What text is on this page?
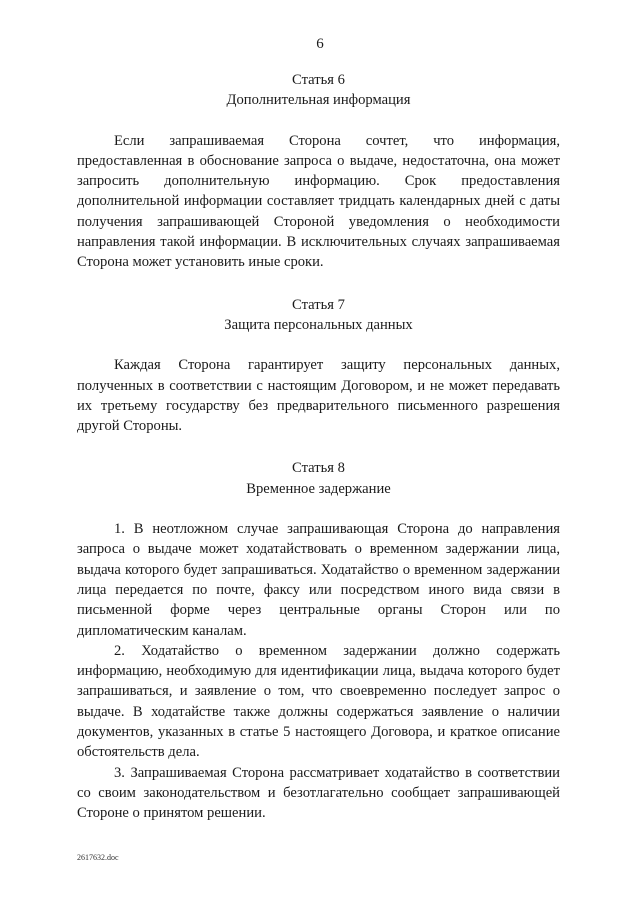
6
Статья 6
Дополнительная информация

Если запрашиваемая Сторона сочтет, что информация, предоставленная в обоснование запроса о выдаче, недостаточна, она может запросить дополнительную информацию. Срок предоставления дополнительной информации составляет тридцать календарных дней с даты получения запрашивающей Стороной уведомления о необходимости направления такой информации. В исключительных случаях запрашиваемая Сторона может установить иные сроки.

Статья 7
Защита персональных данных

Каждая Сторона гарантирует защиту персональных данных, полученных в соответствии с настоящим Договором, и не может передавать их третьему государству без предварительного письменного разрешения другой Стороны.

Статья 8
Временное задержание

1. В неотложном случае запрашивающая Сторона до направления запроса о выдаче может ходатайствовать о временном задержании лица, выдача которого будет запрашиваться. Ходатайство о временном задержании лица передается по почте, факсу или посредством иного вида связи в письменной форме через центральные органы Сторон или по дипломатическим каналам.

2. Ходатайство о временном задержании должно содержать информацию, необходимую для идентификации лица, выдача которого будет запрашиваться, и заявление о том, что своевременно последует запрос о выдаче. В ходатайстве также должны содержаться заявление о наличии документов, указанных в статье 5 настоящего Договора, и краткое описание обстоятельств дела.

3. Запрашиваемая Сторона рассматривает ходатайство в соответствии со своим законодательством и безотлагательно сообщает запрашивающей Стороне о принятом решении.

2617632.doc
